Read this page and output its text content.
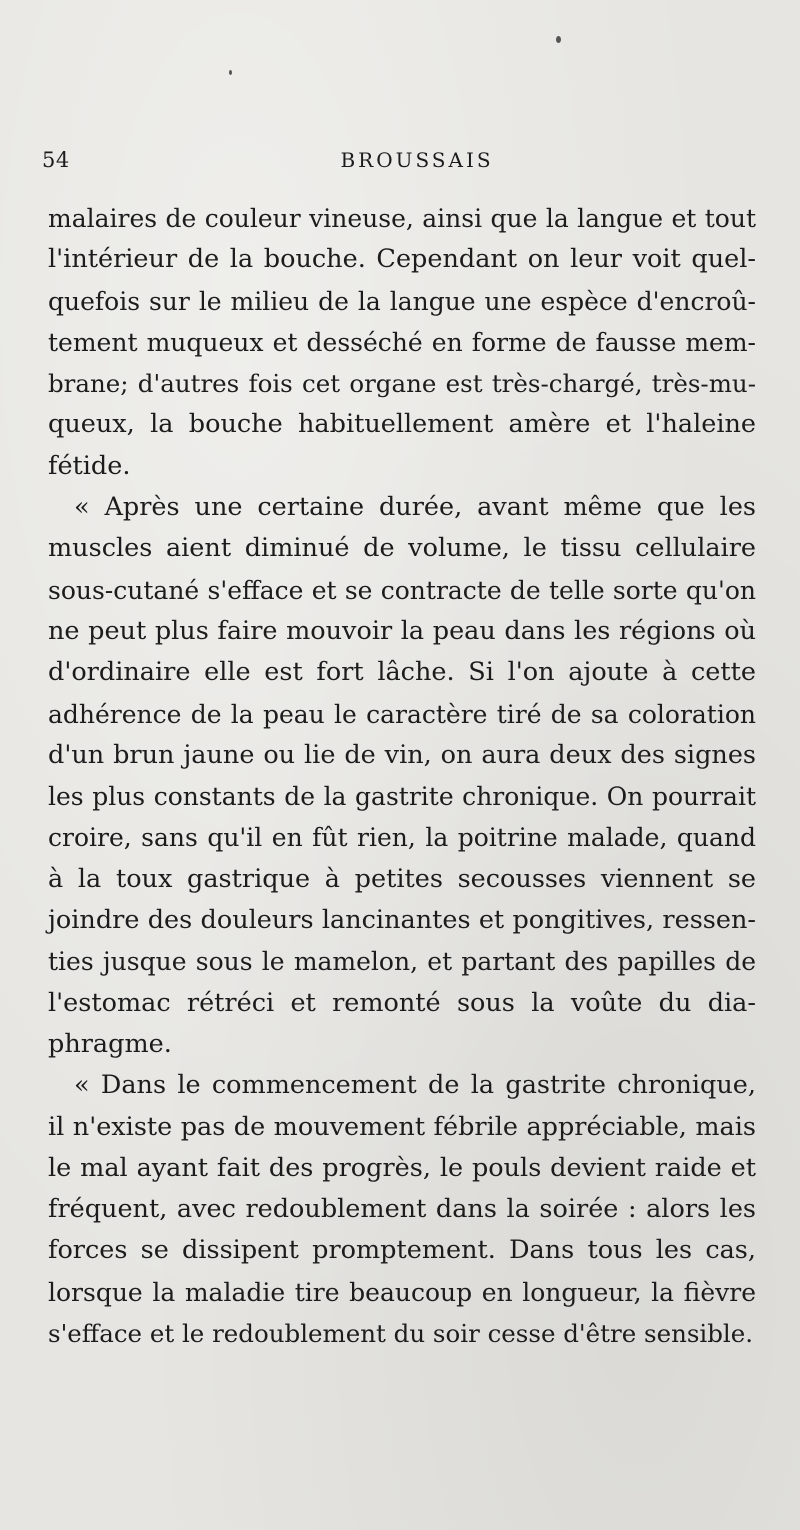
54	BROUSSAIS
malaires de couleur vineuse, ainsi que la langue et tout
l'intérieur de la bouche. Cependant on leur voit quel-
quefois sur le milieu de la langue une espèce d'encroû-
tement muqueux et desséché en forme de fausse mem-
brane; d'autres fois cet organe est très-chargé, très-mu-
queux, la bouche habituellement amère et l'haleine
fétide.
« Après une certaine durée, avant même que les
muscles aient diminué de volume, le tissu cellulaire
sous-cutané s'efface et se contracte de telle sorte qu'on
ne peut plus faire mouvoir la peau dans les régions où
d'ordinaire elle est fort lâche. Si l'on ajoute à cette
adhérence de la peau le caractère tiré de sa coloration
d'un brun jaune ou lie de vin, on aura deux des signes
les plus constants de la gastrite chronique. On pourrait
croire, sans qu'il en fût rien, la poitrine malade, quand
à la toux gastrique à petites secousses viennent se
joindre des douleurs lancinantes et pongitives, ressen-
ties jusque sous le mamelon, et partant des papilles de
l'estomac rétréci et remonté sous la voûte du dia-
phragme.
« Dans le commencement de la gastrite chronique,
il n'existe pas de mouvement fébrile appréciable, mais
le mal ayant fait des progrès, le pouls devient raide et
fréquent, avec redoublement dans la soirée : alors les
forces se dissipent promptement. Dans tous les cas,
lorsque la maladie tire beaucoup en longueur, la fièvre
s'efface et le redoublement du soir cesse d'être sensible.
